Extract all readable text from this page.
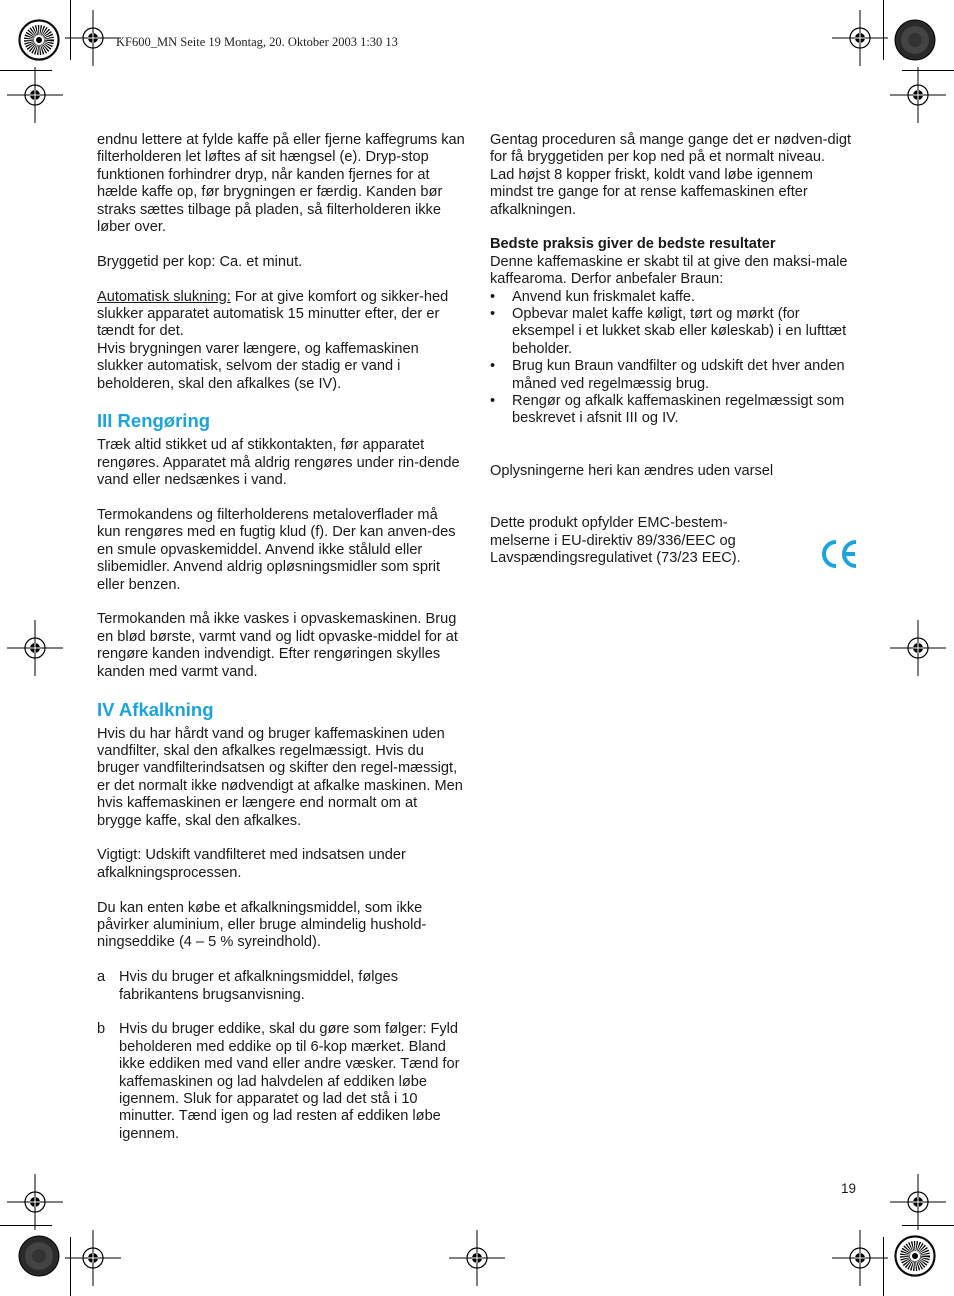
KF600_MN Seite 19 Montag, 20. Oktober 2003 1:30 13

endnu lettere at fylde kaffe på eller fjerne kaffegrums kan filterholderen let løftes af sit hængsel (e). Dryp-stop funktionen forhindrer dryp, når kanden fjernes for at hælde kaffe op, før brygningen er færdig. Kanden bør straks sættes tilbage på pladen, så filterholderen ikke løber over.

Bryggetid per kop: Ca. et minut.

Automatisk slukning: For at give komfort og sikker-hed slukker apparatet automatisk 15 minutter efter, der er tændt for det.

Hvis brygningen varer længere, og kaffemaskinen slukker automatisk, selvom der stadig er vand i beholderen, skal den afkalkes (se IV).

III Rengøring

Træk altid stikket ud af stikkontakten, før apparatet rengøres. Apparatet må aldrig rengøres under rin-dende vand eller nedsænkes i vand.

Termokandens og filterholderens metaloverflader må kun rengøres med en fugtig klud (f). Der kan anven-des en smule opvaskemiddel. Anvend ikke ståluld eller slibemidler. Anvend aldrig opløsningsmidler som sprit eller benzen.

Termokanden må ikke vaskes i opvaskemaskinen. Brug en blød børste, varmt vand og lidt opvaske-middel for at rengøre kanden indvendigt. Efter rengøringen skylles kanden med varmt vand.

IV Afkalkning

Hvis du har hårdt vand og bruger kaffemaskinen uden vandfilter, skal den afkalkes regelmæssigt. Hvis du bruger vandfilterindsatsen og skifter den regel-mæssigt, er det normalt ikke nødvendigt at afkalke maskinen. Men hvis kaffemaskinen er længere end normalt om at brygge kaffe, skal den afkalkes.

Vigtigt: Udskift vandfilteret med indsatsen under afkalkningsprocessen.

Du kan enten købe et afkalkningsmiddel, som ikke påvirker aluminium, eller bruge almindelig hushold-ningseddike (4 – 5 % syreindhold).

a Hvis du bruger et afkalkningsmiddel, følges fabrikantens brugsanvisning.

b Hvis du bruger eddike, skal du gøre som følger: Fyld beholderen med eddike op til 6-kop mærket. Bland ikke eddiken med vand eller andre væsker. Tænd for kaffemaskinen og lad halvdelen af eddiken løbe igennem. Sluk for apparatet og lad det stå i 10 minutter. Tænd igen og lad resten af eddiken løbe igennem.

Gentag proceduren så mange gange det er nødven-digt for få bryggetiden per kop ned på et normalt niveau.

Lad højst 8 kopper friskt, koldt vand løbe igennem mindst tre gange for at rense kaffemaskinen efter afkalkningen.

Bedste praksis giver de bedste resultater
Denne kaffemaskine er skabt til at give den maksi-male kaffearoma. Derfor anbefaler Braun:
• Anvend kun friskmalet kaffe.
• Opbevar malet kaffe køligt, tørt og mørkt (for eksempel i et lukket skab eller køleskab) i en lufttæt beholder.
• Brug kun Braun vandfilter og udskift det hver anden måned ved regelmæssig brug.
• Rengør og afkalk kaffemaskinen regelmæssigt som beskrevet i afsnit III og IV.

Oplysningerne heri kan ændres uden varsel

Dette produkt opfylder EMC-bestem-melserne i EU-direktiv 89/336/EEC og Lavspændingsregulativet (73/23 EEC).

19
